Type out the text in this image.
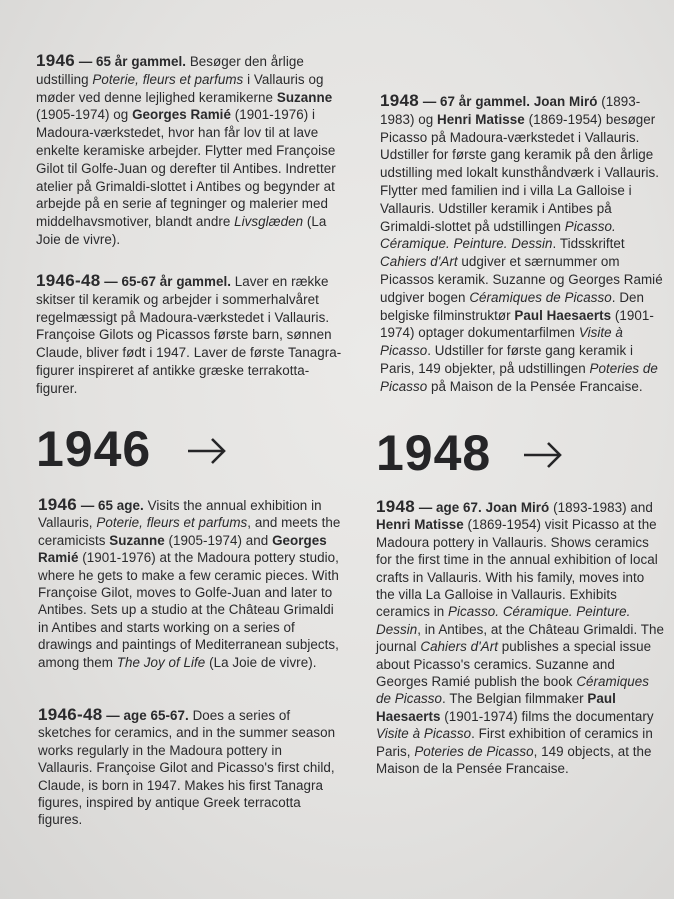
1946 — 65 år gammel. Besøger den årlige udstilling Poterie, fleurs et parfums i Vallauris og møder ved denne lejlighed keramikerne Suzanne (1905-1974) og Georges Ramié (1901-1976) i Madoura-værkstedet, hvor han får lov til at lave enkelte keramiske arbejder. Flytter med Françoise Gilot til Golfe-Juan og derefter til Antibes. Indretter atelier på Grimaldi-slottet i Antibes og begynder at arbejde på en serie af tegninger og malerier med middelhavsmotiver, blandt andre Livsglæden (La Joie de vivre).
1946-48 — 65-67 år gammel. Laver en række skitser til keramik og arbejder i sommerhalvåret regelmæssigt på Madoura-værkstedet i Vallauris. Françoise Gilots og Picassos første barn, sønnen Claude, bliver født i 1947. Laver de første Tanagra-figurer inspireret af antikke græske terrakotta-figurer.
1948 — 67 år gammel. Joan Miró (1893-1983) og Henri Matisse (1869-1954) besøger Picasso på Madoura-værkstedet i Vallauris. Udstiller for første gang keramik på den årlige udstilling med lokalt kunsthåndværk i Vallauris. Flytter med familien ind i villa La Galloise i Vallauris. Udstiller keramik i Antibes på Grimaldi-slottet på udstillingen Picasso. Céramique. Peinture. Dessin. Tidsskriftet Cahiers d'Art udgiver et særnummer om Picassos keramik. Suzanne og Georges Ramié udgiver bogen Céramiques de Picasso. Den belgiske filminstruktør Paul Haesaerts (1901-1974) optager dokumentarfilmen Visite à Picasso. Udstiller for første gang keramik i Paris, 149 objekter, på udstillingen Poteries de Picasso på Maison de la Pensée Francaise.
1946	1948
1946 — 65 age. Visits the annual exhibition in Vallauris, Poterie, fleurs et parfums, and meets the ceramicists Suzanne (1905-1974) and Georges Ramié (1901-1976) at the Madoura pottery studio, where he gets to make a few ceramic pieces. With Françoise Gilot, moves to Golfe-Juan and later to Antibes. Sets up a studio at the Château Grimaldi in Antibes and starts working on a series of drawings and paintings of Mediterranean subjects, among them The Joy of Life (La Joie de vivre).
1946-48 — age 65-67. Does a series of sketches for ceramics, and in the summer season works regularly in the Madoura pottery in Vallauris. Françoise Gilot and Picasso's first child, Claude, is born in 1947. Makes his first Tanagra figures, inspired by antique Greek terracotta figures.
1948 — age 67. Joan Miró (1893-1983) and Henri Matisse (1869-1954) visit Picasso at the Madoura pottery in Vallauris. Shows ceramics for the first time in the annual exhibition of local crafts in Vallauris. With his family, moves into the villa La Galloise in Vallauris. Exhibits ceramics in Picasso. Céramique. Peinture. Dessin, in Antibes, at the Château Grimaldi. The journal Cahiers d'Art publishes a special issue about Picasso's ceramics. Suzanne and Georges Ramié publish the book Céramiques de Picasso. The Belgian filmmaker Paul Haesaerts (1901-1974) films the documentary Visite à Picasso. First exhibition of ceramics in Paris, Poteries de Picasso, 149 objects, at the Maison de la Pensée Francaise.
